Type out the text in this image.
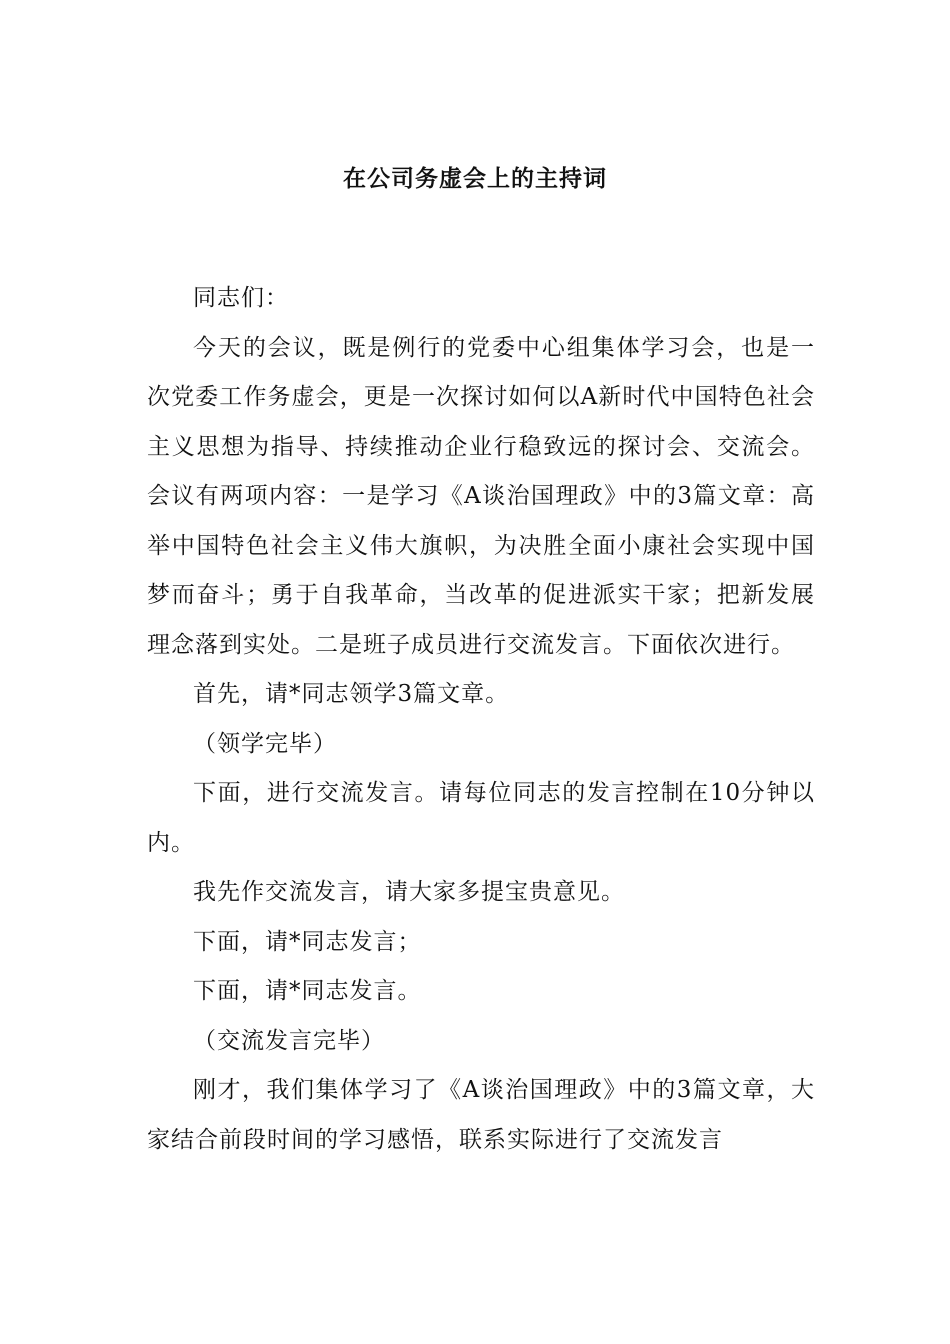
在公司务虚会上的主持词

同志们：

今天的会议，既是例行的党委中心组集体学习会，也是一次党委工作务虚会，更是一次探讨如何以A新时代中国特色社会主义思想为指导、持续推动企业行稳致远的探讨会、交流会。会议有两项内容：一是学习《A谈治国理政》中的3篇文章：高举中国特色社会主义伟大旗帜，为决胜全面小康社会实现中国梦而奋斗；勇于自我革命，当改革的促进派实干家；把新发展理念落到实处。二是班子成员进行交流发言。下面依次进行。

首先，请*同志领学3篇文章。

（领学完毕）

下面，进行交流发言。请每位同志的发言控制在10分钟以内。

我先作交流发言，请大家多提宝贵意见。

下面，请*同志发言；

下面，请*同志发言。

（交流发言完毕）

刚才，我们集体学习了《A谈治国理政》中的3篇文章，大家结合前段时间的学习感悟，联系实际进行了交流发言
